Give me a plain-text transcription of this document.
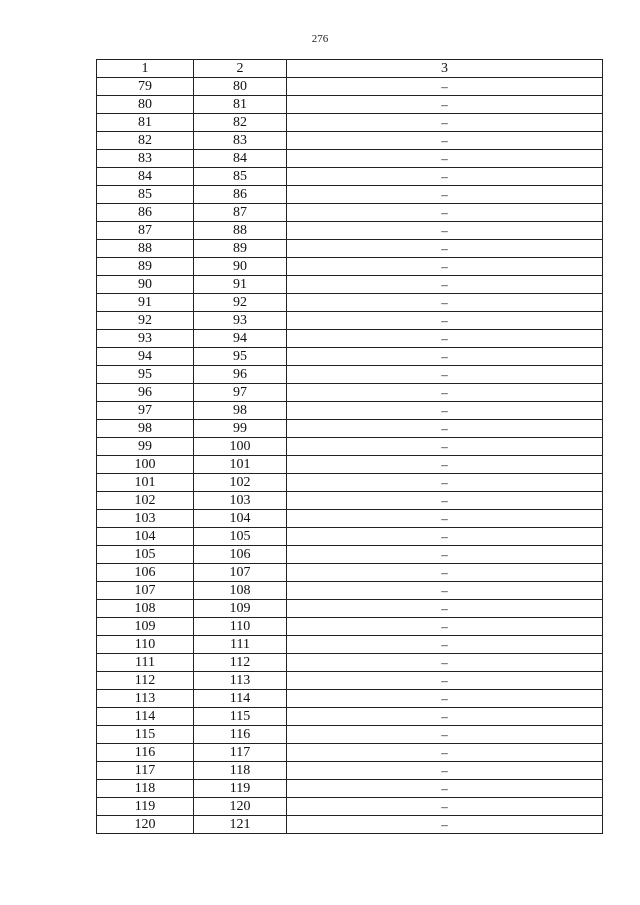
276
1	2	3
79	80	–
80	81	–
81	82	–
82	83	–
83	84	–
84	85	–
85	86	–
86	87	–
87	88	–
88	89	–
89	90	–
90	91	–
91	92	–
92	93	–
93	94	–
94	95	–
95	96	–
96	97	–
97	98	–
98	99	–
99	100	–
100	101	–
101	102	–
102	103	–
103	104	–
104	105	–
105	106	–
106	107	–
107	108	–
108	109	–
109	110	–
110	111	–
111	112	–
112	113	–
113	114	–
114	115	–
115	116	–
116	117	–
117	118	–
118	119	–
119	120	–
120	121	–
